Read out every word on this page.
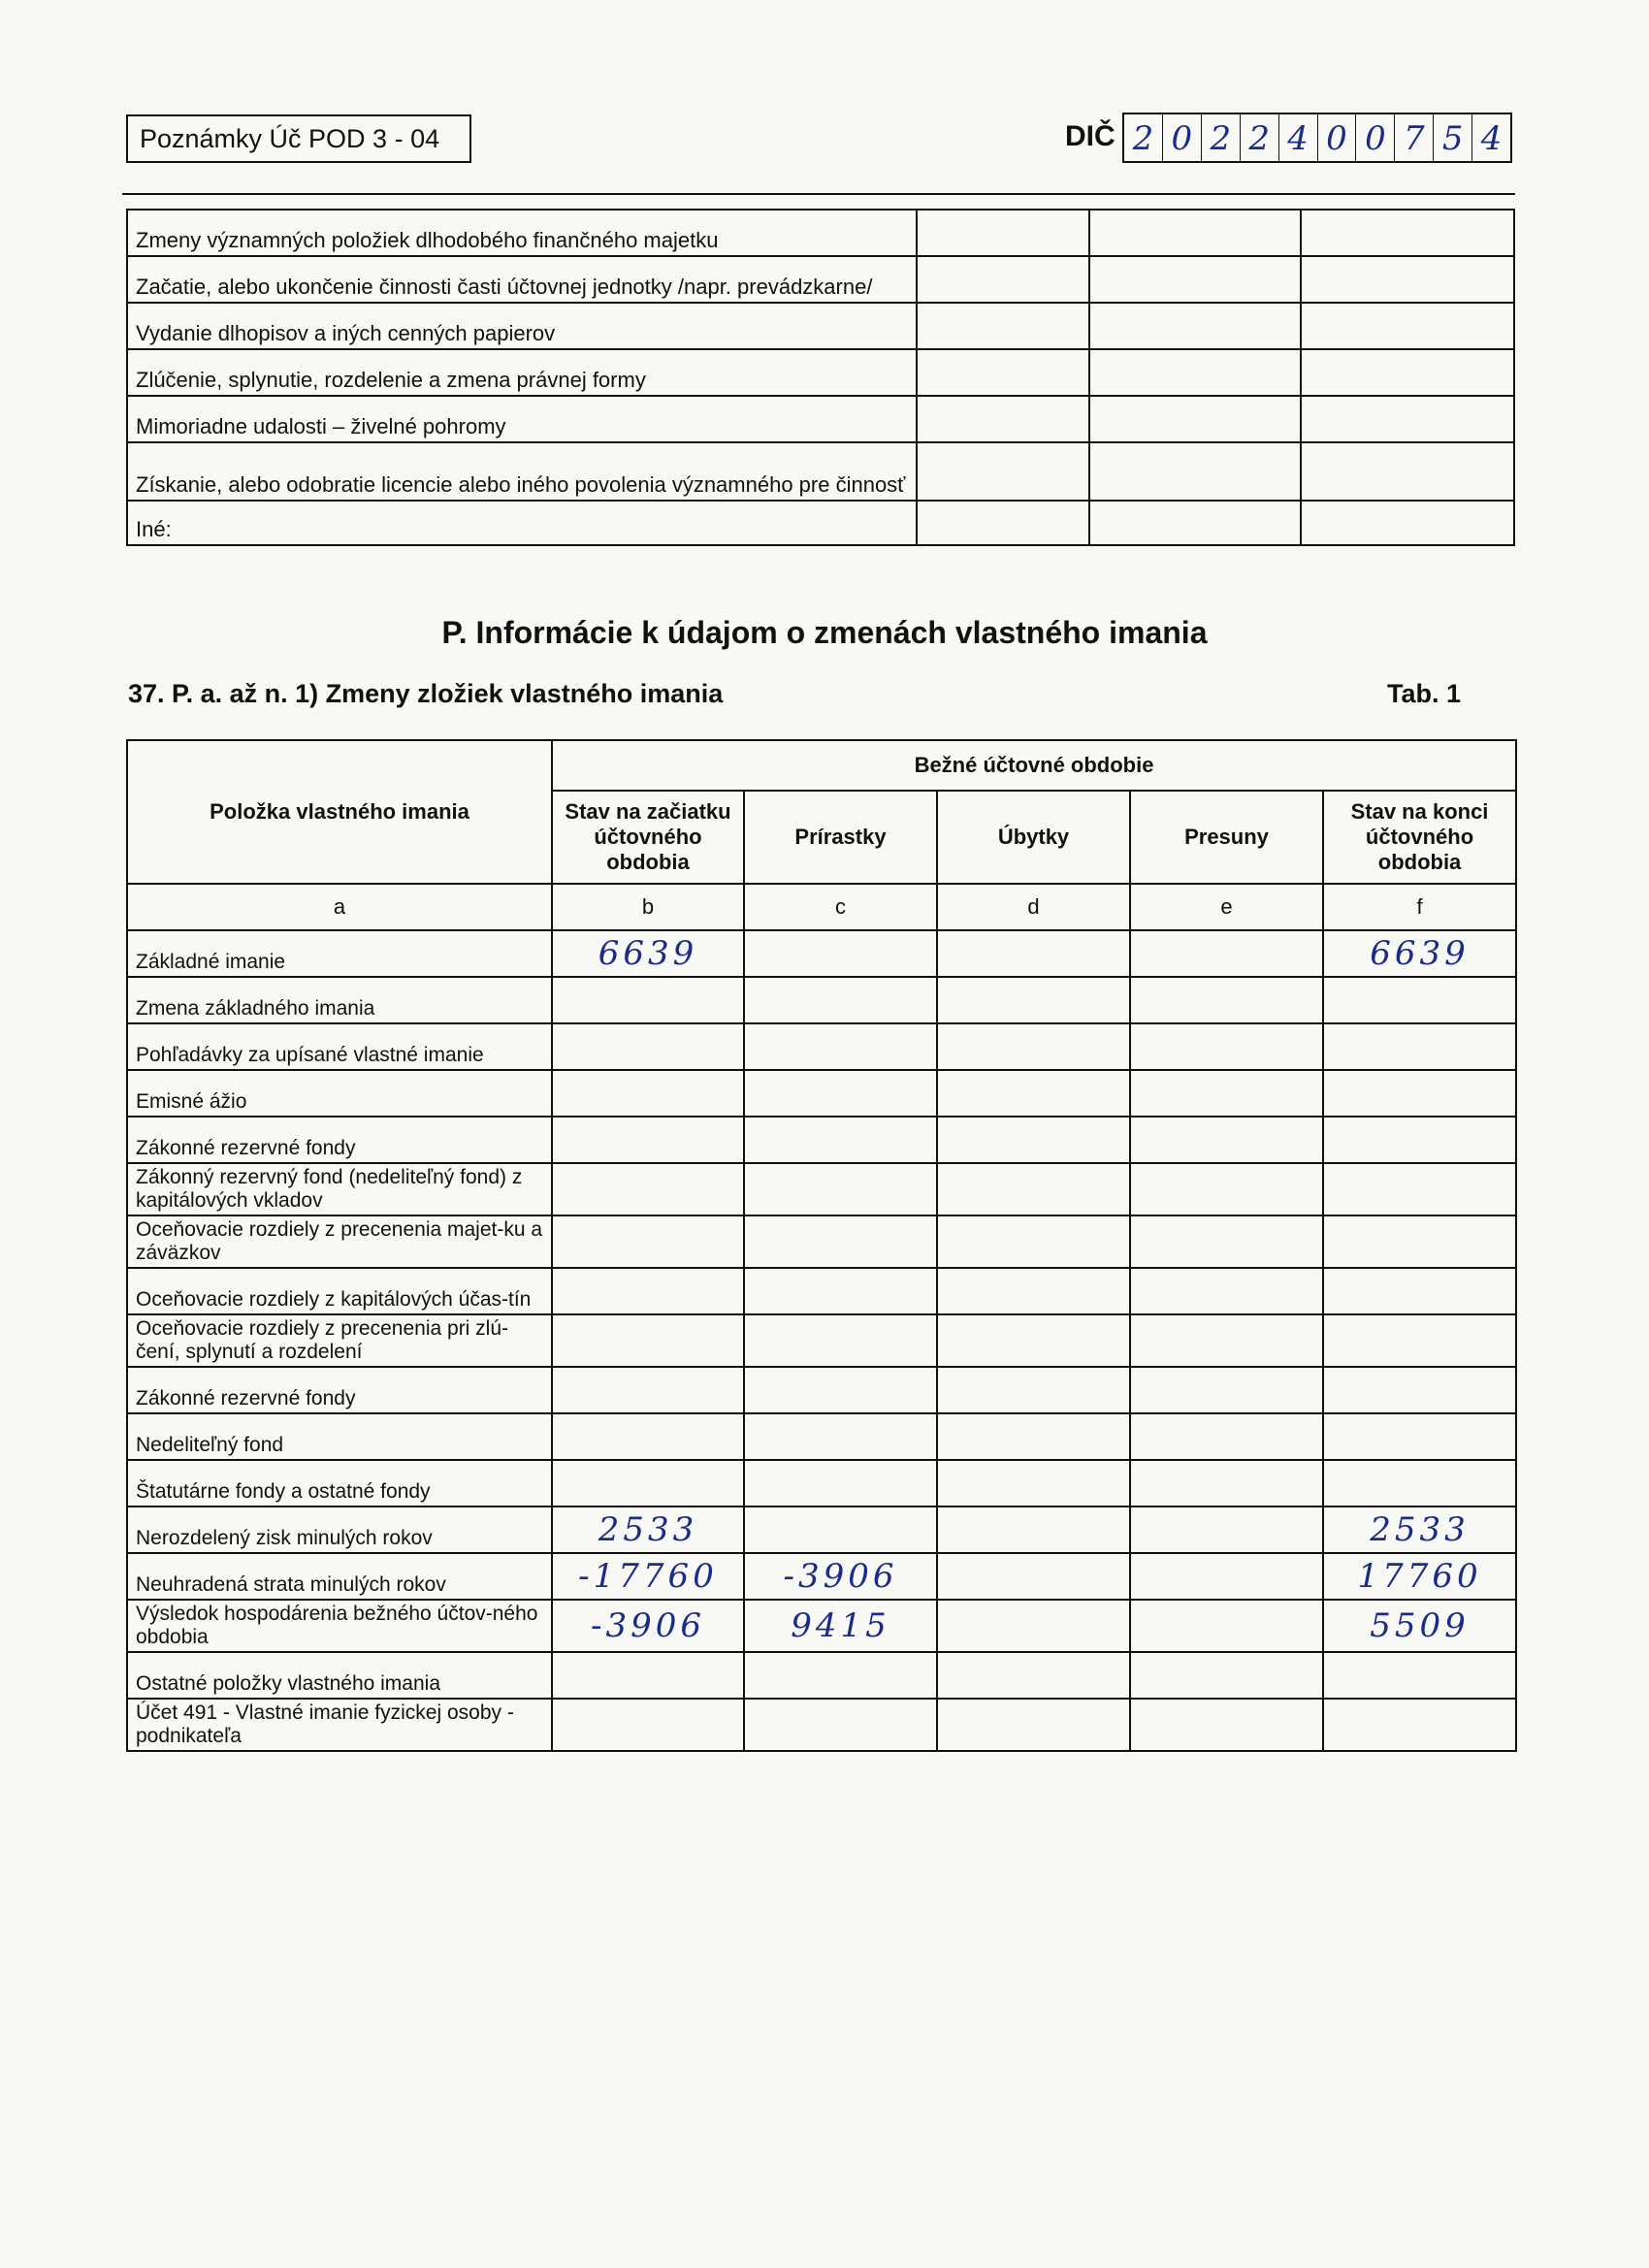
Poznámky Úč POD 3 - 04	DIČ 2 0 2 2 4 0 0 7 5 4
Zmeny významných položiek dlhodobého finančného majetku			
Začatie, alebo ukončenie činnosti časti účtovnej jednotky /napr. prevádzkarne/			
Vydanie dlhopisov a iných cenných papierov			
Zlúčenie, splynutie, rozdelenie a zmena právnej formy			
Mimoriadne udalosti – živelné pohromy			
Získanie, alebo odobratie licencie alebo iného povolenia významného pre činnosť			
Iné:			
P. Informácie k údajom o zmenách vlastného imania
37. P. a. až n. 1) Zmeny zložiek vlastného imania	Tab. 1
Položka vlastného imania	Bežné účtovné obdobie				
	Stav na začiatku účtovného obdobia	Prírastky	Úbytky	Presuny	Stav na konci účtovného obdobia
a	b	c	d	e	f
Základné imanie	6639				6639
Zmena základného imania					
Pohľadávky za upísané vlastné imanie					
Emisné ážio					
Zákonné rezervné fondy					
Zákonný rezervný fond (nedeliteľný fond) z kapitálových vkladov					
Oceňovacie rozdiely z precenenia majet-ku a záväzkov					
Oceňovacie rozdiely z kapitálových účas-tín					
Oceňovacie rozdiely z precenenia pri zlú-čení, splynutí a rozdelení					
Zákonné rezervné fondy					
Nedeliteľný fond					
Štatutárne fondy a ostatné fondy					
Nerozdelený zisk minulých rokov	2533				2533
Neuhradená strata minulých rokov	-17760	-3906			17760
Výsledok hospodárenia bežného účtov-ného obdobia	-3906	9415			5509
Ostatné položky vlastného imania					
Účet 491 - Vlastné imanie fyzickej osoby - podnikateľa					
